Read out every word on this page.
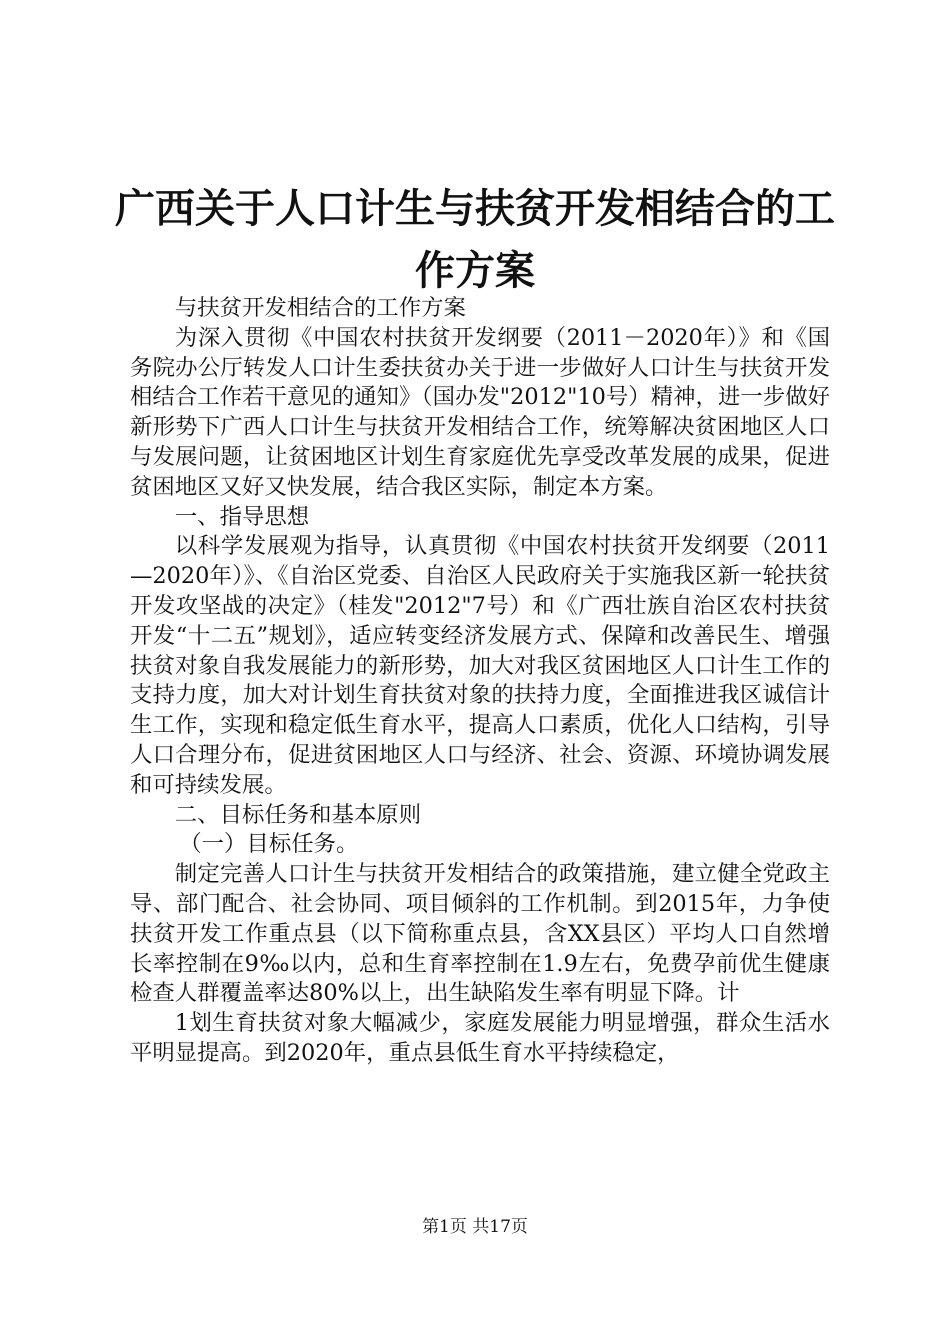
广西关于人口计生与扶贫开发相结合的工作方案

与扶贫开发相结合的工作方案

为深入贯彻《中国农村扶贫开发纲要（2011－2020年）》和《国务院办公厅转发人口计生委扶贫办关于进一步做好人口计生与扶贫开发相结合工作若干意见的通知》（国办发"2012"10号）精神，进一步做好新形势下广西人口计生与扶贫开发相结合工作，统筹解决贫困地区人口与发展问题，让贫困地区计划生育家庭优先享受改革发展的成果，促进贫困地区又好又快发展，结合我区实际，制定本方案。

一、指导思想

以科学发展观为指导，认真贯彻《中国农村扶贫开发纲要（2011—2020年）》、《自治区党委、自治区人民政府关于实施我区新一轮扶贫开发攻坚战的决定》（桂发"2012"7号）和《广西壮族自治区农村扶贫开发“十二五”规划》，适应转变经济发展方式、保障和改善民生、增强扶贫对象自我发展能力的新形势，加大对我区贫困地区人口计生工作的支持力度，加大对计划生育扶贫对象的扶持力度，全面推进我区诚信计生工作，实现和稳定低生育水平，提高人口素质，优化人口结构，引导人口合理分布，促进贫困地区人口与经济、社会、资源、环境协调发展和可持续发展。

二、目标任务和基本原则

（一）目标任务。

制定完善人口计生与扶贫开发相结合的政策措施，建立健全党政主导、部门配合、社会协同、项目倾斜的工作机制。到2015年，力争使扶贫开发工作重点县（以下简称重点县，含XX县区）平均人口自然增长率控制在9‰以内，总和生育率控制在1.9左右，免费孕前优生健康检查人群覆盖率达80%以上，出生缺陷发生率有明显下降。计

1划生育扶贫对象大幅减少，家庭发展能力明显增强，群众生活水平明显提高。到2020年，重点县低生育水平持续稳定，

第1页 共17页
